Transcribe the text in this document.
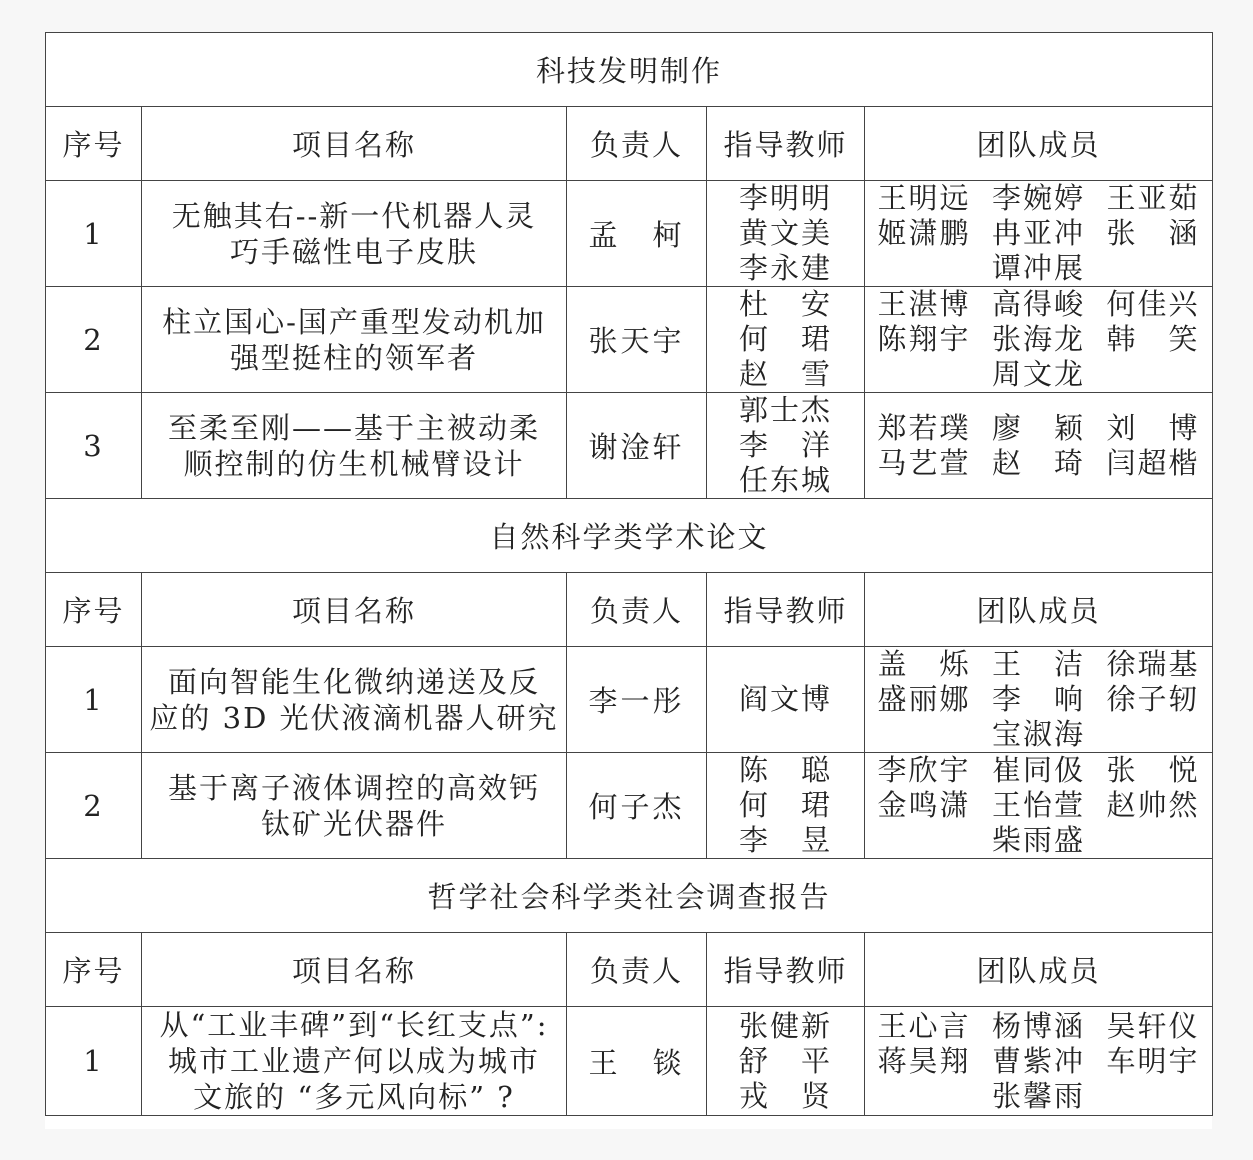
科技发明制作				
序号	项目名称	负责人	指导教师	团队成员
1	无触其右--新一代机器人灵
巧手磁性电子皮肤	孟　柯	李明明
黄文美
李永建	王明远 李婉婷 王亚茹姬潇鹏 冉亚冲 张　涵
谭冲展

2	柱立国心-国产重型发动机加
强型挺柱的领军者	张天宇	杜　安
何　珺
赵　雪	王湛博 高得峻 何佳兴陈翔宇 张海龙 韩　笑
周文龙

3	至柔至刚——基于主被动柔
顺控制的仿生机械臂设计	谢淦轩	郭士杰
李　洋
任东城	郑若璞 廖　颖 刘　博马艺萱 赵　琦 闫超楷
自然科学类学术论文				
序号	项目名称	负责人	指导教师	团队成员
1	面向智能生化微纳递送及反
应的 3D 光伏液滴机器人研究	李一彤	阎文博	盖　烁 王　洁 徐瑞基盛丽娜 李　响 徐子轫
宝淑海

2	基于离子液体调控的高效钙
钛矿光伏器件	何子杰	陈　聪
何　珺
李　昱	李欣宇 崔同伋 张　悦金鸣潇 王怡萱 赵帅然
柴雨盛

哲学社会科学类社会调查报告				
序号	项目名称	负责人	指导教师	团队成员
1	从“工业丰碑”到“长红支点”:
城市工业遗产何以成为城市
文旅的 “多元风向标” ?	王　锬	张健新
舒　平
戎　贤	王心言 杨博涵 吴轩仪蒋昊翔 曹紫冲 车明宇
张馨雨
